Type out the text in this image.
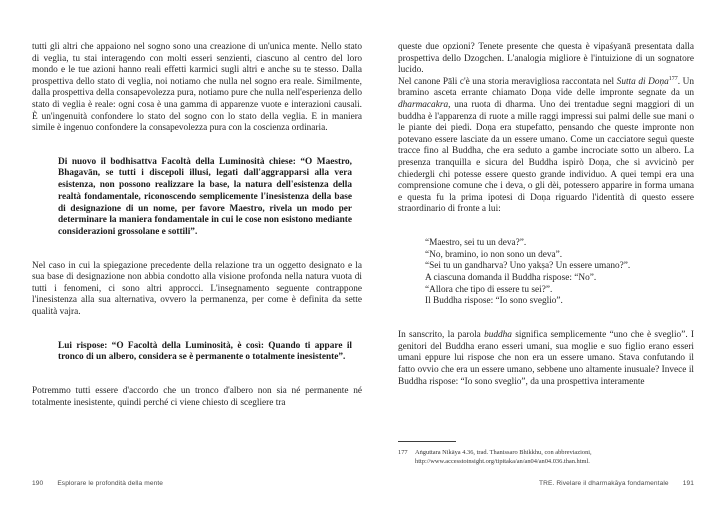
tutti gli altri che appaiono nel sogno sono una creazione di un'unica mente. Nello stato di veglia, tu stai interagendo con molti esseri senzienti, ciascuno al centro del loro mondo e le tue azioni hanno reali effetti karmici sugli altri e anche su te stesso. Dalla prospettiva dello stato di veglia, noi notiamo che nulla nel sogno era reale. Similmente, dalla prospettiva della consapevolezza pura, notiamo pure che nulla nell'esperienza dello stato di veglia è reale: ogni cosa è una gamma di apparenze vuote e interazioni causali. È un'ingenuità confondere lo stato del sogno con lo stato della veglia. E in maniera simile è ingenuo confondere la consapevolezza pura con la coscienza ordinaria.

Di nuovo il bodhisattva Facoltà della Luminosità chiese: “O Maestro, Bhagavān, se tutti i discepoli illusi, legati dall'aggrapparsi alla vera esistenza, non possono realizzare la base, la natura dell'esistenza della realtà fondamentale, riconoscendo semplicemente l'inesistenza della base di designazione di un nome, per favore Maestro, rivela un modo per determinare la maniera fondamentale in cui le cose non esistono mediante considerazioni grossolane e sottili”.

Nel caso in cui la spiegazione precedente della relazione tra un oggetto designato e la sua base di designazione non abbia condotto alla visione profonda nella natura vuota di tutti i fenomeni, ci sono altri approcci. L'insegnamento seguente contrappone l'inesistenza alla sua alternativa, ovvero la permanenza, per come è definita da sette qualità vajra.

Lui rispose: “O Facoltà della Luminosità, è così: Quando ti appare il tronco di un albero, considera se è permanente o totalmente inesistente”.

Potremmo tutti essere d'accordo che un tronco d'albero non sia né permanente né totalmente inesistente, quindi perché ci viene chiesto di scegliere tra

190 Esplorare le profondità della mente

queste due opzioni? Tenete presente che questa è vipaśyanā presentata dalla prospettiva dello Dzogchen. L'analogia migliore è l'intuizione di un sognatore lucido.

Nel canone Pāli c'è una storia meravigliosa raccontata nel Sutta di Doṇa$^{177}$. Un bramino asceta errante chiamato Doṇa vide delle impronte segnate da un dharmacakra, una ruota di dharma. Uno dei trentadue segni maggiori di un buddha è l'apparenza di ruote a mille raggi impressi sui palmi delle sue mani o le piante dei piedi. Doṇa era stupefatto, pensando che queste impronte non potevano essere lasciate da un essere umano. Come un cacciatore seguì queste tracce fino al Buddha, che era seduto a gambe incrociate sotto un albero. La presenza tranquilla e sicura del Buddha ispirò Doṇa, che si avvicinò per chiedergli chi potesse essere questo grande individuo. A quei tempi era una comprensione comune che i deva, o gli dèi, potessero apparire in forma umana e questa fu la prima ipotesi di Doṇa riguardo l'identità di questo essere straordinario di fronte a lui:

“Maestro, sei tu un deva?”.
“No, bramino, io non sono un deva”.
“Sei tu un gandharva? Uno yakṣa? Un essere umano?”.
A ciascuna domanda il Buddha rispose: “No”.
“Allora che tipo di essere tu sei?”.
Il Buddha rispose: “Io sono sveglio”.

In sanscrito, la parola buddha significa semplicemente “uno che è sveglio”. I genitori del Buddha erano esseri umani, sua moglie e suo figlio erano esseri umani eppure lui rispose che non era un essere umano. Stava confutando il fatto ovvio che era un essere umano, sebbene uno altamente inusuale? Invece il Buddha rispose: “Io sono sveglio”, da una prospettiva interamente

177	Aṅguttara Nikāya 4.36, trad. Thanissaro Bhikkhu, con abbreviazioni,
http://www.accesstoinsight.org/tipitaka/an/an04/an04.036.than.html.
TRE. Rivelare il dharmakāya fondamentale 191
